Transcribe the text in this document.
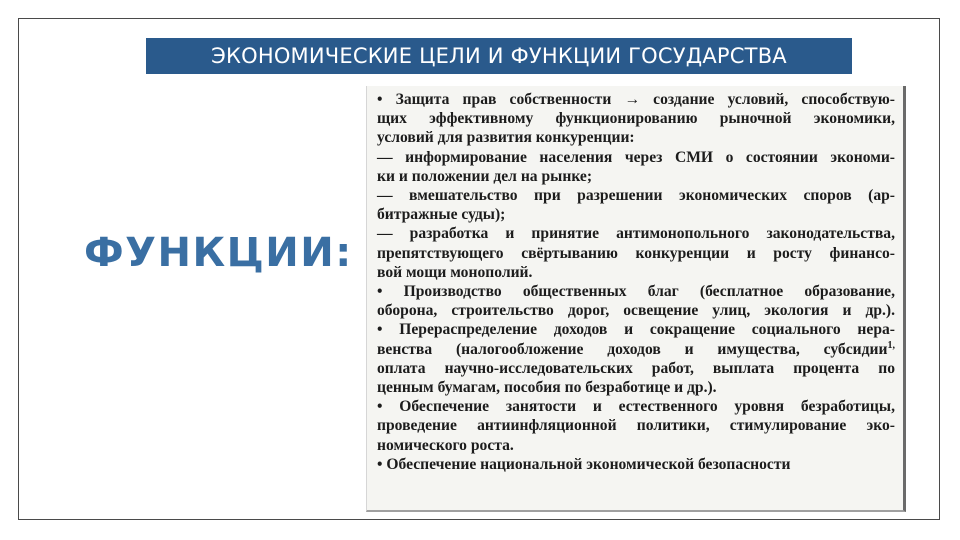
ЭКОНОМИЧЕСКИЕ ЦЕЛИ И ФУНКЦИИ ГОСУДАРСТВА
ФУНКЦИИ:
• Защита прав собственности → создание условий, способствую-
щих эффективному функционированию рыночной экономики,
условий для развития конкуренции:
— информирование населения через СМИ о состоянии экономи-
ки и положении дел на рынке;
— вмешательство при разрешении экономических споров (ар-
битражные суды);
— разработка и принятие антимонопольного законодательства,
препятствующего свёртыванию конкуренции и росту финансо-
вой мощи монополий.
• Производство общественных благ (бесплатное образование,
оборона, строительство дорог, освещение улиц, экология и др.).
• Перераспределение доходов и сокращение социального нера-
венства (налогообложение доходов и имущества, субсидии$^{1,}$
оплата научно-исследовательских работ, выплата процента по
ценным бумагам, пособия по безработице и др.).
• Обеспечение занятости и естественного уровня безработицы,
проведение антиинфляционной политики, стимулирование эко-
номического роста.
• Обеспечение национальной экономической безопасности
